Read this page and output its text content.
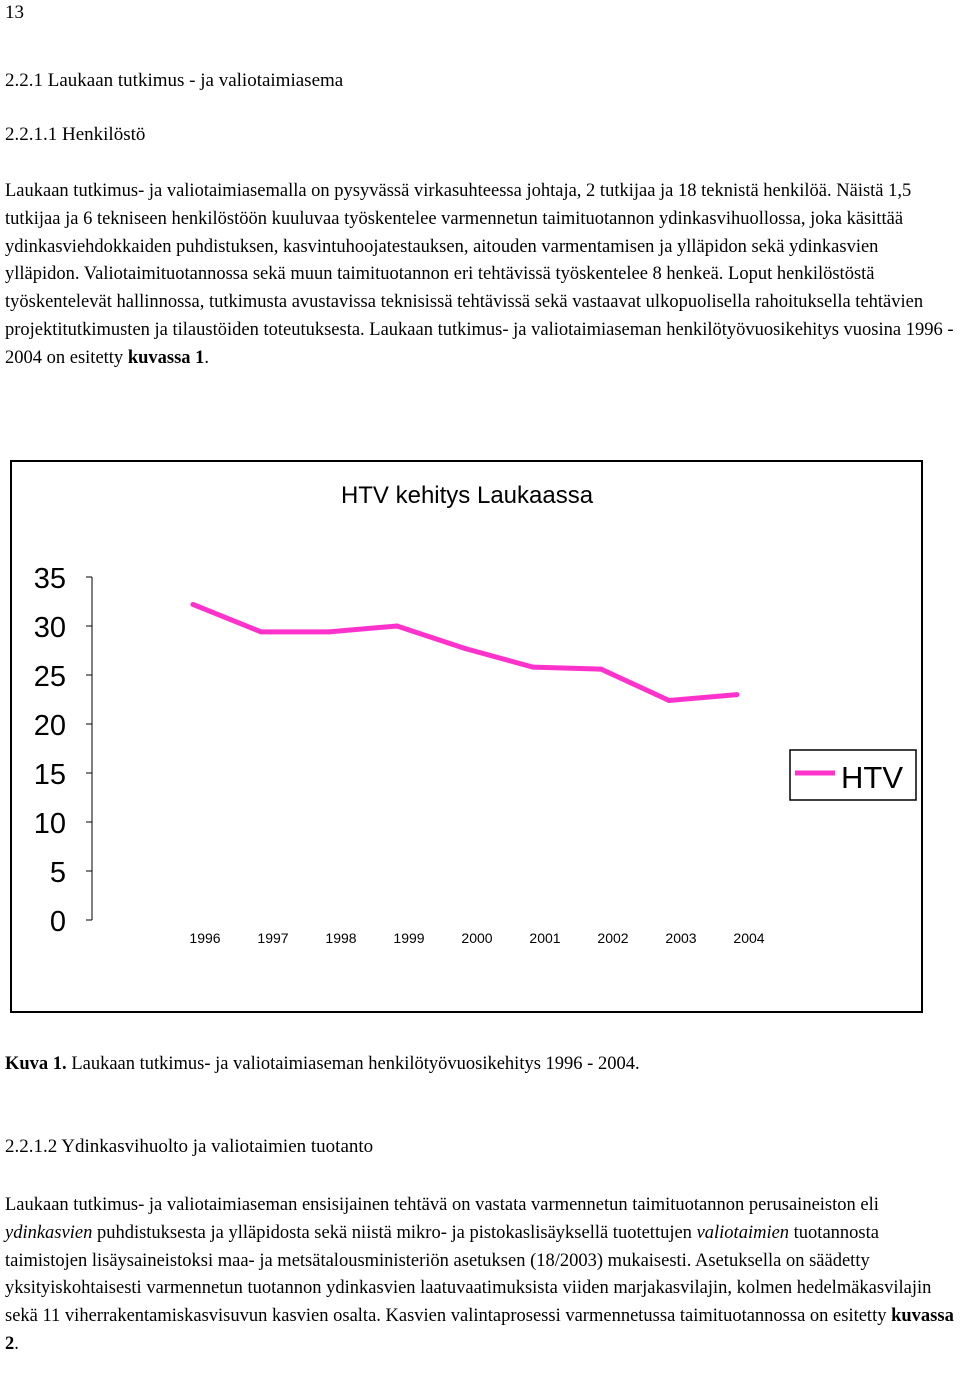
13
2.2.1 Laukaan tutkimus - ja valiotaimiasema
2.2.1.1 Henkilöstö

Laukaan tutkimus- ja valiotaimiasemalla on pysyvässä virkasuhteessa johtaja, 2 tutkijaa ja 18 teknistä henkilöä. Näistä 1,5 tutkijaa ja 6 tekniseen henkilöstöön kuuluvaa työskentelee varmennetun taimituotannon ydinkasvihuollossa, joka käsittää ydinkasviehdokkaiden puhdistuksen, kasvintuhoojatestauksen, aitouden varmentamisen ja ylläpidon sekä ydinkasvien ylläpidon. Valiotaimituotannossa sekä muun taimituotannon eri tehtävissä työskentelee 8 henkeä. Loput henkilöstöstä työskentelevät hallinnossa, tutkimusta avustavissa teknisissä tehtävissä sekä vastaavat ulkopuolisella rahoituksella tehtävien projektitutkimusten ja tilaustöiden toteutuksesta. Laukaan tutkimus- ja valiotaimiaseman henkilötyövuosikehitys vuosina 1996 - 2004 on esitetty kuvassa 1.

HTV kehitys Laukaassa
0
5
10
15
20
25
30
35
1996	1997	1998	1999	2000	2001	2002	2003	2004
HTV
Kuva 1. Laukaan tutkimus- ja valiotaimiaseman henkilötyövuosikehitys 1996 - 2004.
2.2.1.2 Ydinkasvihuolto ja valiotaimien tuotanto

Laukaan tutkimus- ja valiotaimiaseman ensisijainen tehtävä on vastata varmennetun taimituotannon perusaineiston eli ydinkasvien puhdistuksesta ja ylläpidosta sekä niistä mikro- ja pistokaslisäyksellä tuotettujen valiotaimien tuotannosta taimistojen lisäysaineistoksi maa- ja metsätalousministeriön asetuksen (18/2003) mukaisesti. Asetuksella on säädetty yksityiskohtaisesti varmennetun tuotannon ydinkasvien laatuvaatimuksista viiden marjakasvilajin, kolmen hedelmäkasvilajin sekä 11 viherrakentamiskasvisuvun kasvien osalta. Kasvien valintaprosessi varmennetussa taimituotannossa on esitetty kuvassa 2.
